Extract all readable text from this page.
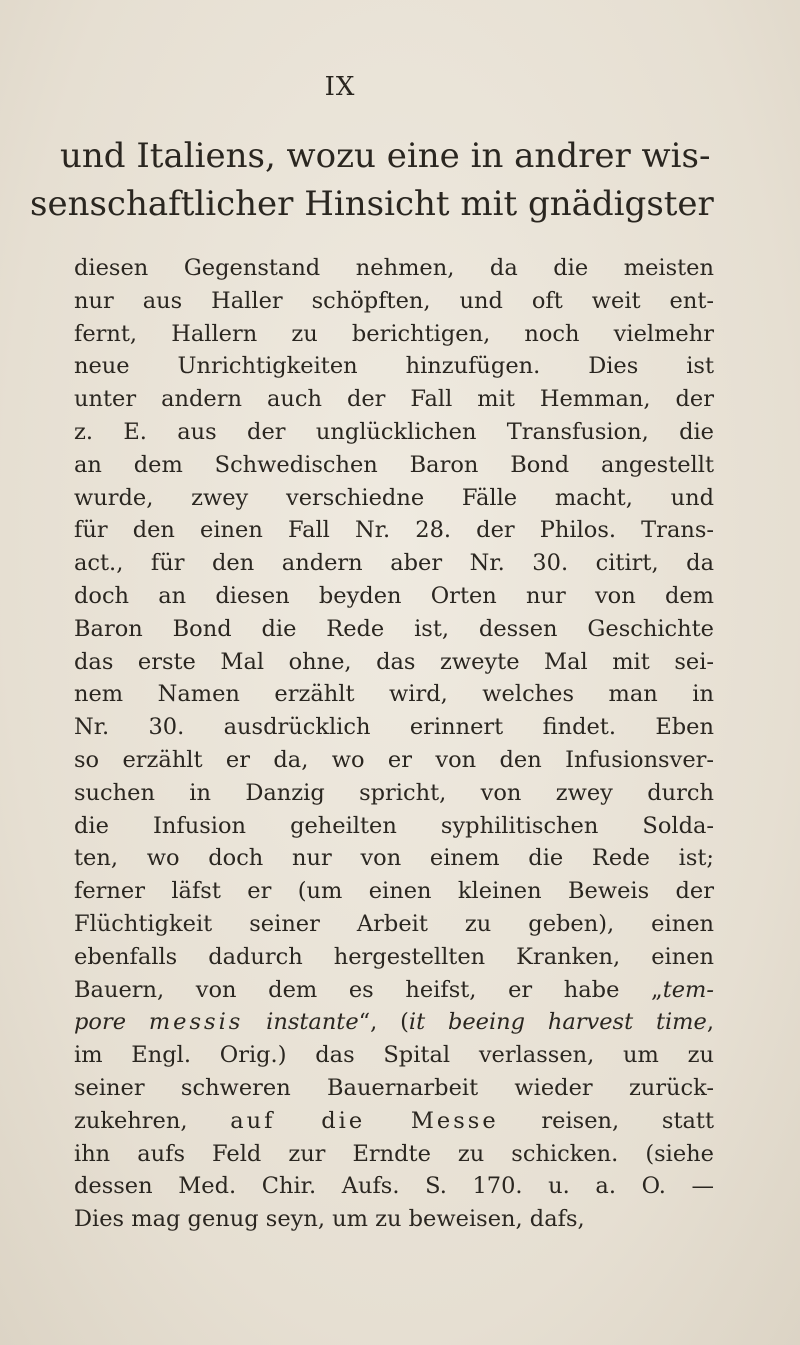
IX
und Italiens, wozu eine in andrer wis-
senschaftlicher Hinsicht mit gnädigster
diesen Gegenstand nehmen, da die meisten
nur aus Haller schöpften, und oft weit ent-
fernt, Hallern zu berichtigen, noch vielmehr
neue Unrichtigkeiten hinzufügen. Dies ist
unter andern auch der Fall mit Hemman, der
z. E. aus der unglücklichen Transfusion, die
an dem Schwedischen Baron Bond angestellt
wurde, zwey verschiedne Fälle macht, und
für den einen Fall Nr. 28. der Philos. Trans-
act., für den andern aber Nr. 30. citirt, da
doch an diesen beyden Orten nur von dem
Baron Bond die Rede ist, dessen Geschichte
das erste Mal ohne, das zweyte Mal mit sei-
nem Namen erzählt wird, welches man in
Nr. 30. ausdrücklich erinnert findet. Eben
so erzählt er da, wo er von den Infusionsver-
suchen in Danzig spricht, von zwey durch
die Infusion geheilten syphilitischen Solda-
ten, wo doch nur von einem die Rede ist;
ferner läfst er (um einen kleinen Beweis der
Flüchtigkeit seiner Arbeit zu geben), einen
ebenfalls dadurch hergestellten Kranken, einen
Bauern, von dem es heifst, er habe „tem-
pore messis instante“, (it beeing harvest time,
im Engl. Orig.) das Spital verlassen, um zu
seiner schweren Bauernarbeit wieder zurück-
zukehren, auf die Messe reisen, statt
ihn aufs Feld zur Erndte zu schicken. (siehe
dessen Med. Chir. Aufs. S. 170. u. a. O. —
Dies mag genug seyn, um zu beweisen, dafs,
